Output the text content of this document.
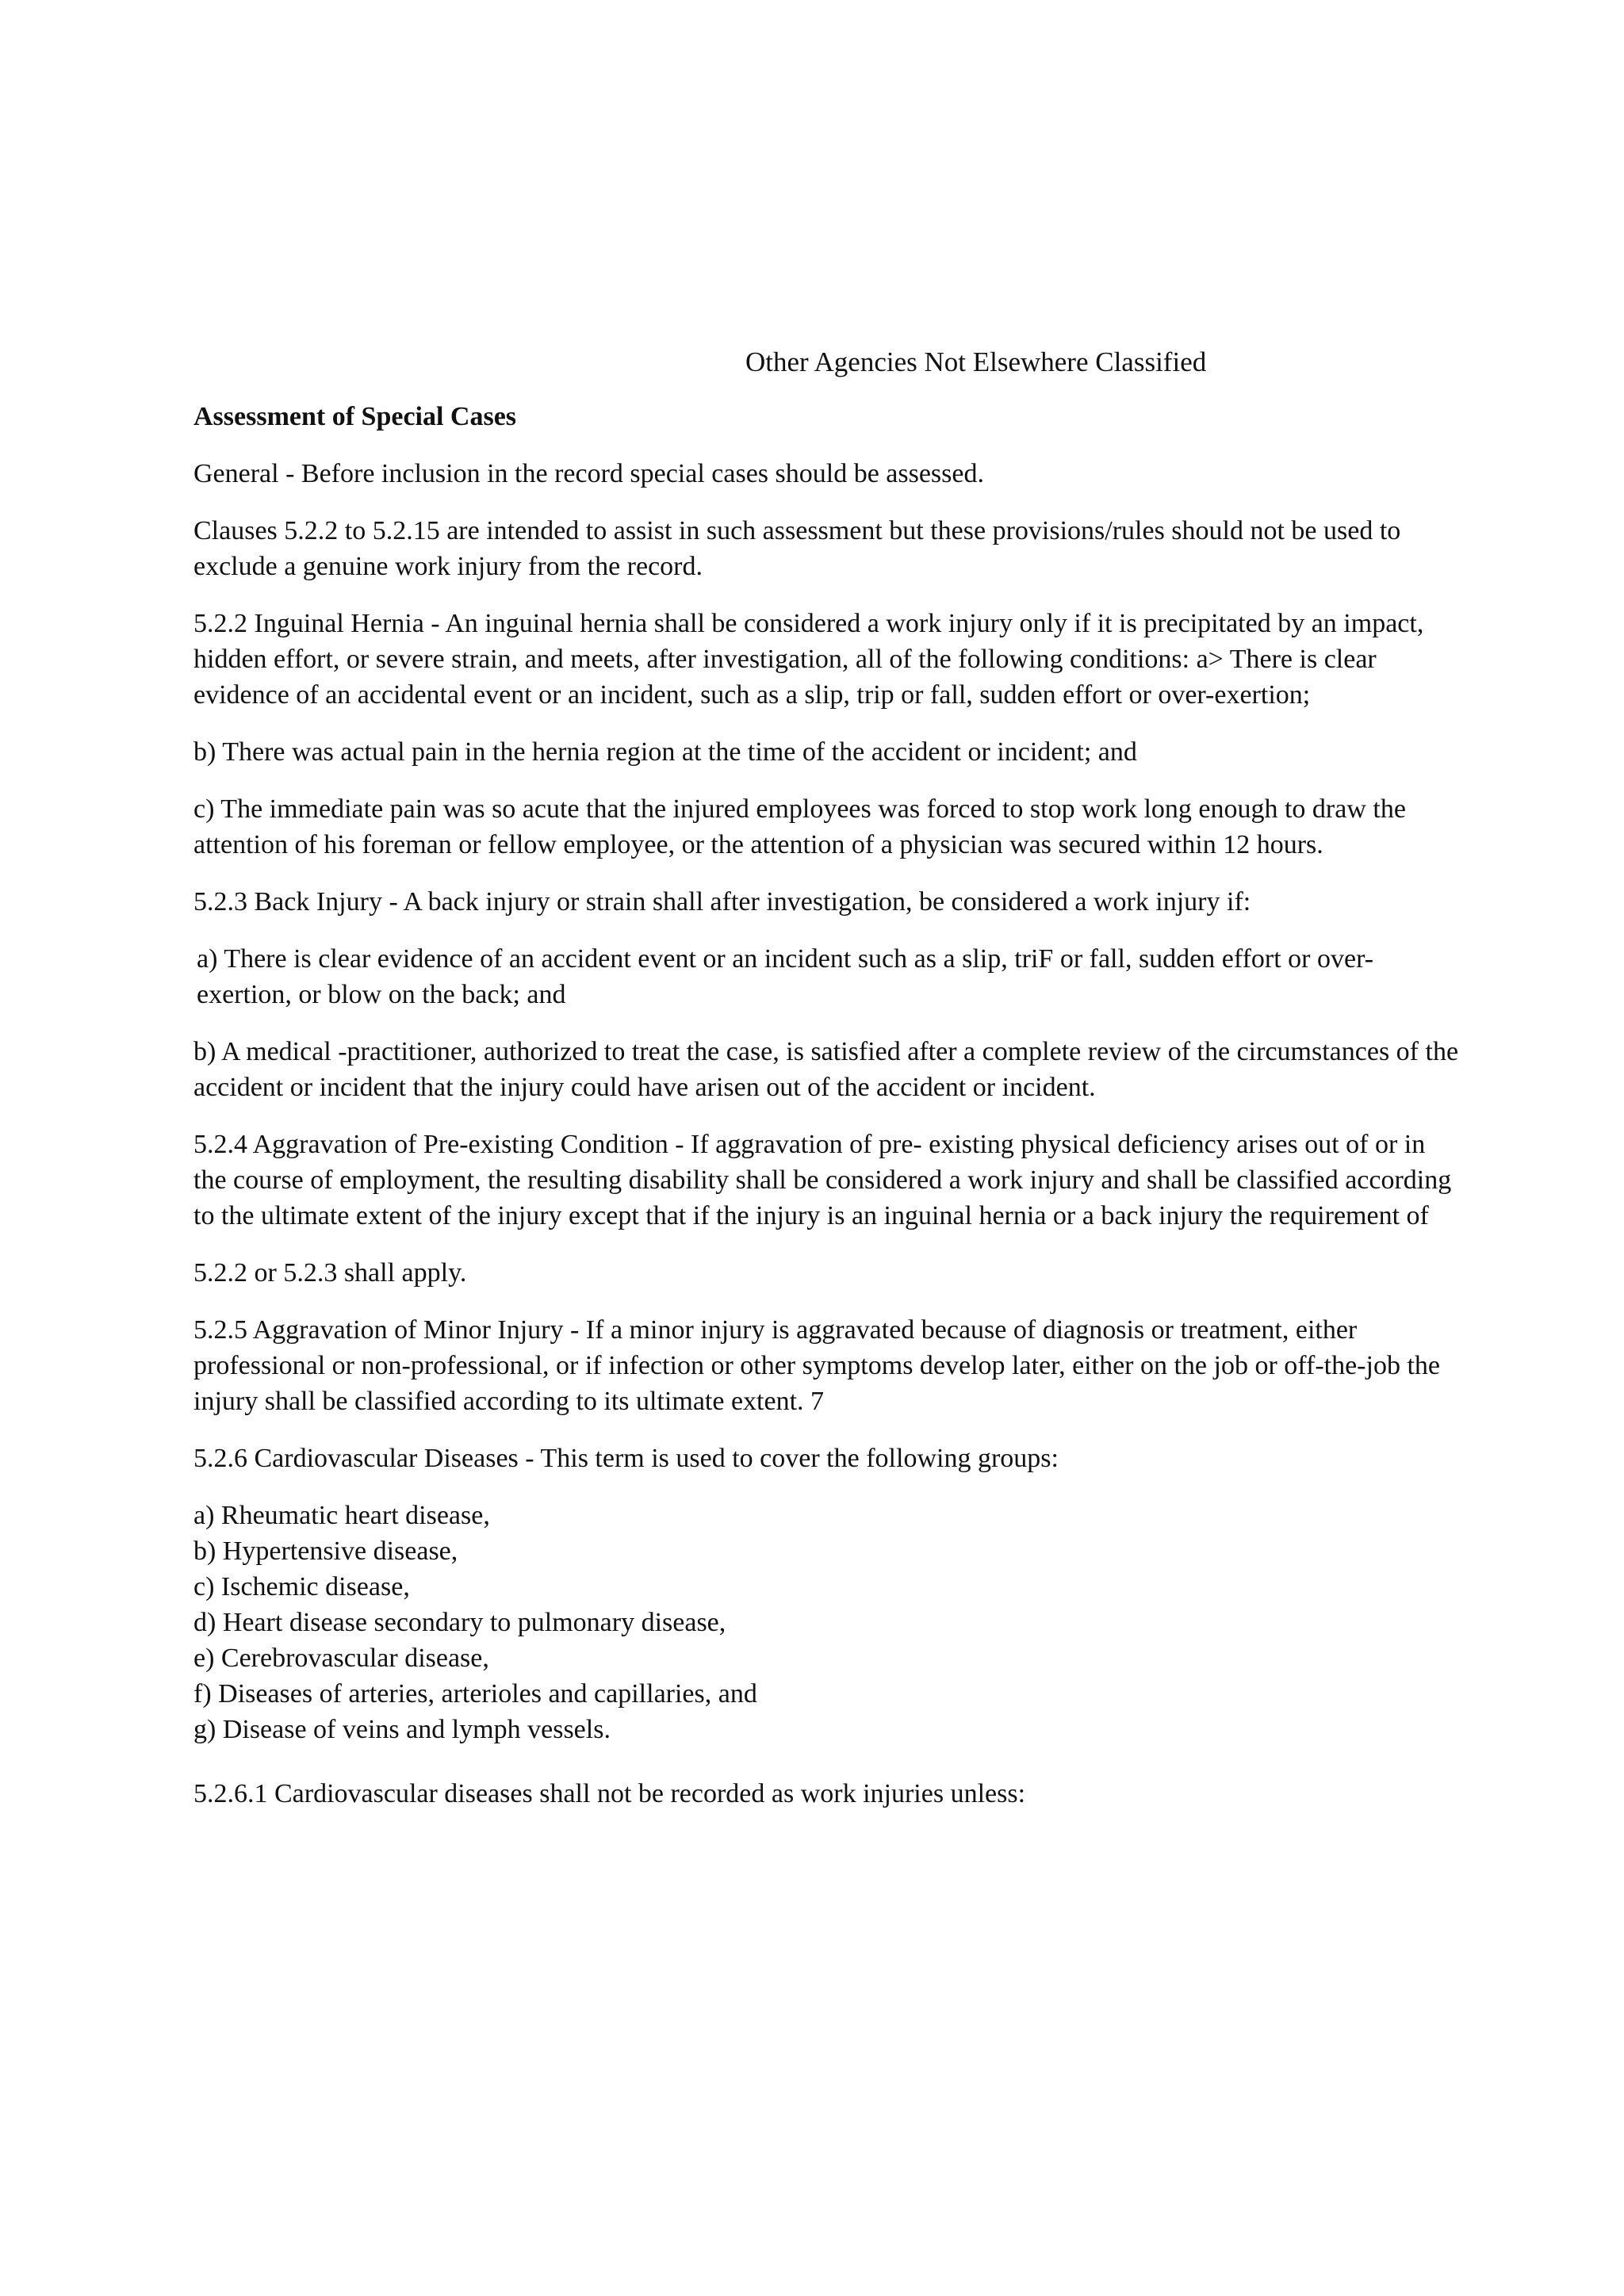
Other Agencies Not Elsewhere Classified
Assessment of Special Cases

General - Before inclusion in the record special cases should be assessed.

Clauses 5.2.2 to 5.2.15 are intended to assist in such assessment but these provisions/rules should not be used to exclude a genuine work injury from the record.

5.2.2 Inguinal Hernia - An inguinal hernia shall be considered a work injury only if it is precipitated by an impact, hidden effort, or severe strain, and meets, after investigation, all of the following conditions: a> There is clear evidence of an accidental event or an incident, such as a slip, trip or fall, sudden effort or over-exertion;

b) There was actual pain in the hernia region at the time of the accident or incident; and

c) The immediate pain was so acute that the injured employees was forced to stop work long enough to draw the attention of his foreman or fellow employee, or the attention of a physician was secured within 12 hours.

5.2.3 Back Injury - A back injury or strain shall after investigation, be considered a work injury if:

a) There is clear evidence of an accident event or an incident such as a slip, triF or fall, sudden effort or over-exertion, or blow on the back; and

b) A medical -practitioner, authorized to treat the case, is satisfied after a complete review of the circumstances of the accident or incident that the injury could have arisen out of the accident or incident.

5.2.4 Aggravation of Pre-existing Condition - If aggravation of pre- existing physical deficiency arises out of or in the course of employment, the resulting disability shall be considered a work injury and shall be classified according to the ultimate extent of the injury except that if the injury is an inguinal hernia or a back injury the requirement of

5.2.2 or 5.2.3 shall apply.

5.2.5 Aggravation of Minor Injury - If a minor injury is aggravated because of diagnosis or treatment, either professional or non-professional, or if infection or other symptoms develop later, either on the job or off-the-job the injury shall be classified according to its ultimate extent. 7

5.2.6 Cardiovascular Diseases - This term is used to cover the following groups:

a) Rheumatic heart disease,
b) Hypertensive disease,
c) Ischemic disease,
d) Heart disease secondary to pulmonary disease,
e) Cerebrovascular disease,
f) Diseases of arteries, arterioles and capillaries, and
g) Disease of veins and lymph vessels.

5.2.6.1 Cardiovascular diseases shall not be recorded as work injuries unless:
